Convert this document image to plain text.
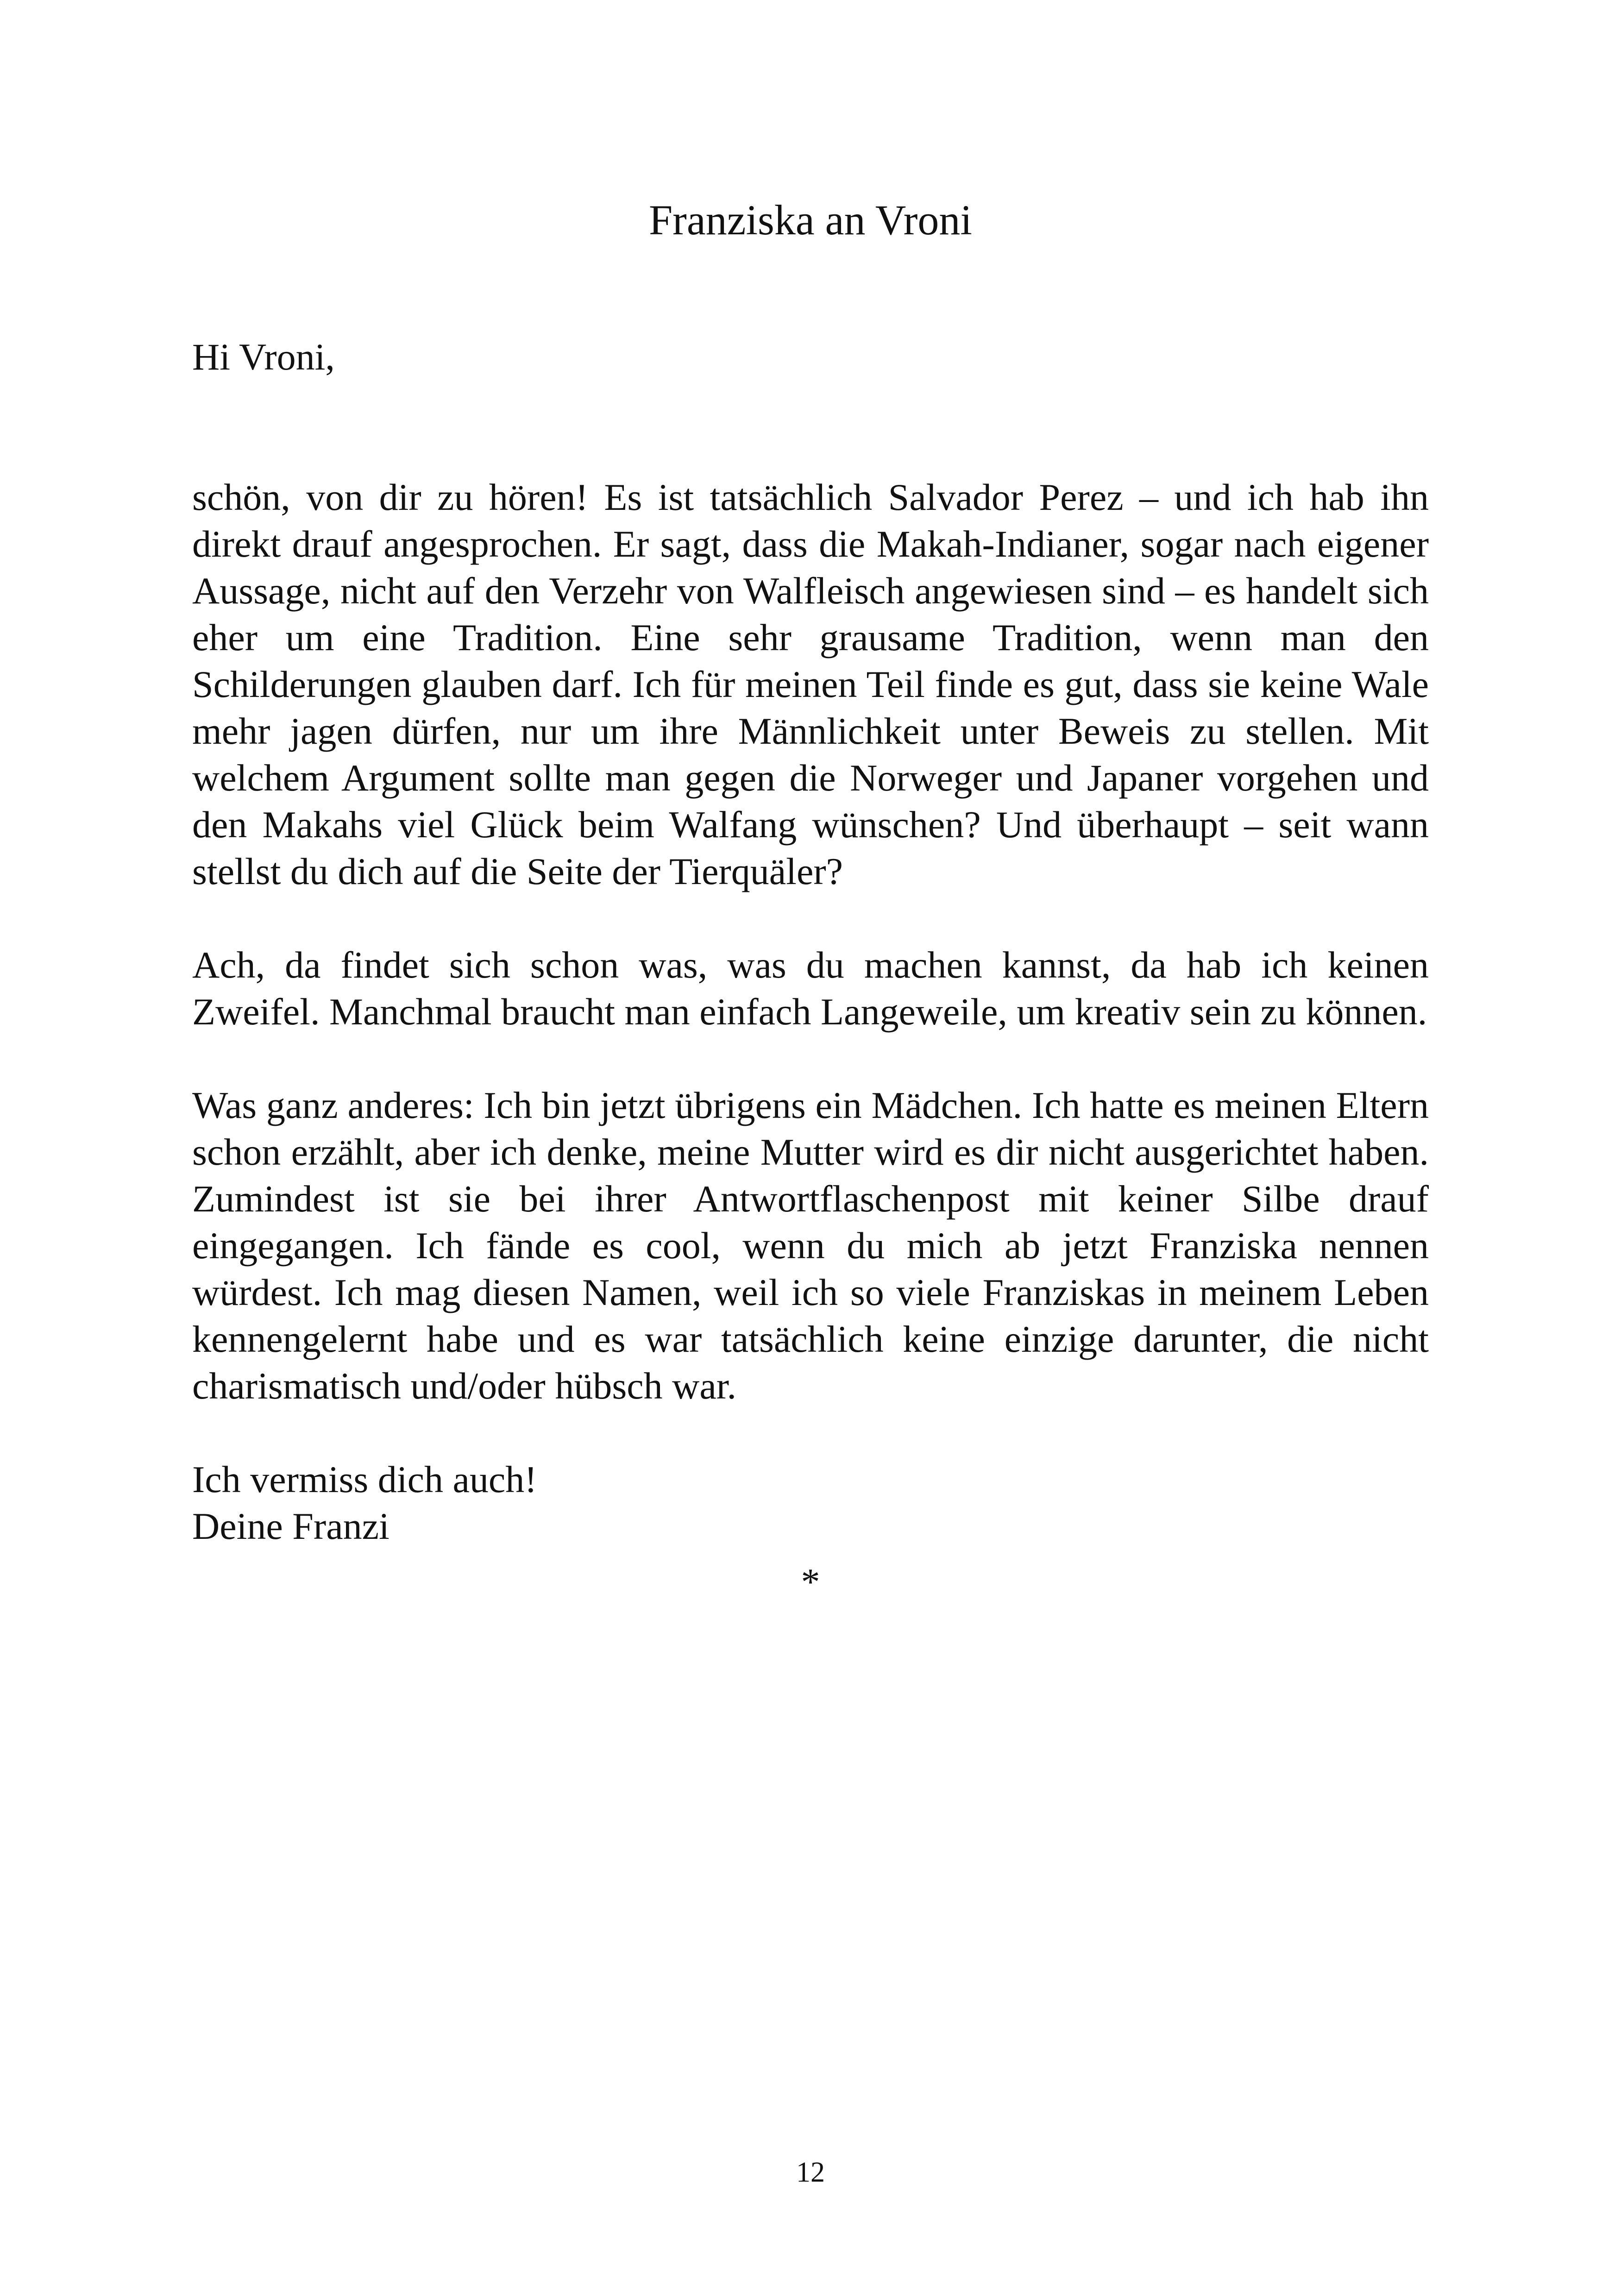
Franziska an Vroni

Hi Vroni,

schön, von dir zu hören! Es ist tatsächlich Salvador Perez – und ich hab ihn direkt drauf angesprochen. Er sagt, dass die Makah-Indianer, sogar nach eigener Aussage, nicht auf den Verzehr von Walfleisch angewiesen sind – es handelt sich eher um eine Tradition. Eine sehr grausame Tradition, wenn man den Schilderungen glauben darf. Ich für meinen Teil finde es gut, dass sie keine Wale mehr jagen dürfen, nur um ihre Männlichkeit unter Beweis zu stellen. Mit welchem Argument sollte man gegen die Norweger und Japaner vorgehen und den Makahs viel Glück beim Walfang wünschen? Und überhaupt – seit wann stellst du dich auf die Seite der Tierquäler?

Ach, da findet sich schon was, was du machen kannst, da hab ich keinen Zweifel. Manchmal braucht man einfach Langeweile, um kreativ sein zu können.

Was ganz anderes: Ich bin jetzt übrigens ein Mädchen. Ich hatte es meinen Eltern schon erzählt, aber ich denke, meine Mutter wird es dir nicht ausgerichtet haben. Zumindest ist sie bei ihrer Antwortflaschenpost mit keiner Silbe drauf eingegangen. Ich fände es cool, wenn du mich ab jetzt Franziska nennen würdest. Ich mag diesen Namen, weil ich so viele Franziskas in meinem Leben kennengelernt habe und es war tatsächlich keine einzige darunter, die nicht charismatisch und/oder hübsch war.

Ich vermiss dich auch!

Deine Franzi

*
12
